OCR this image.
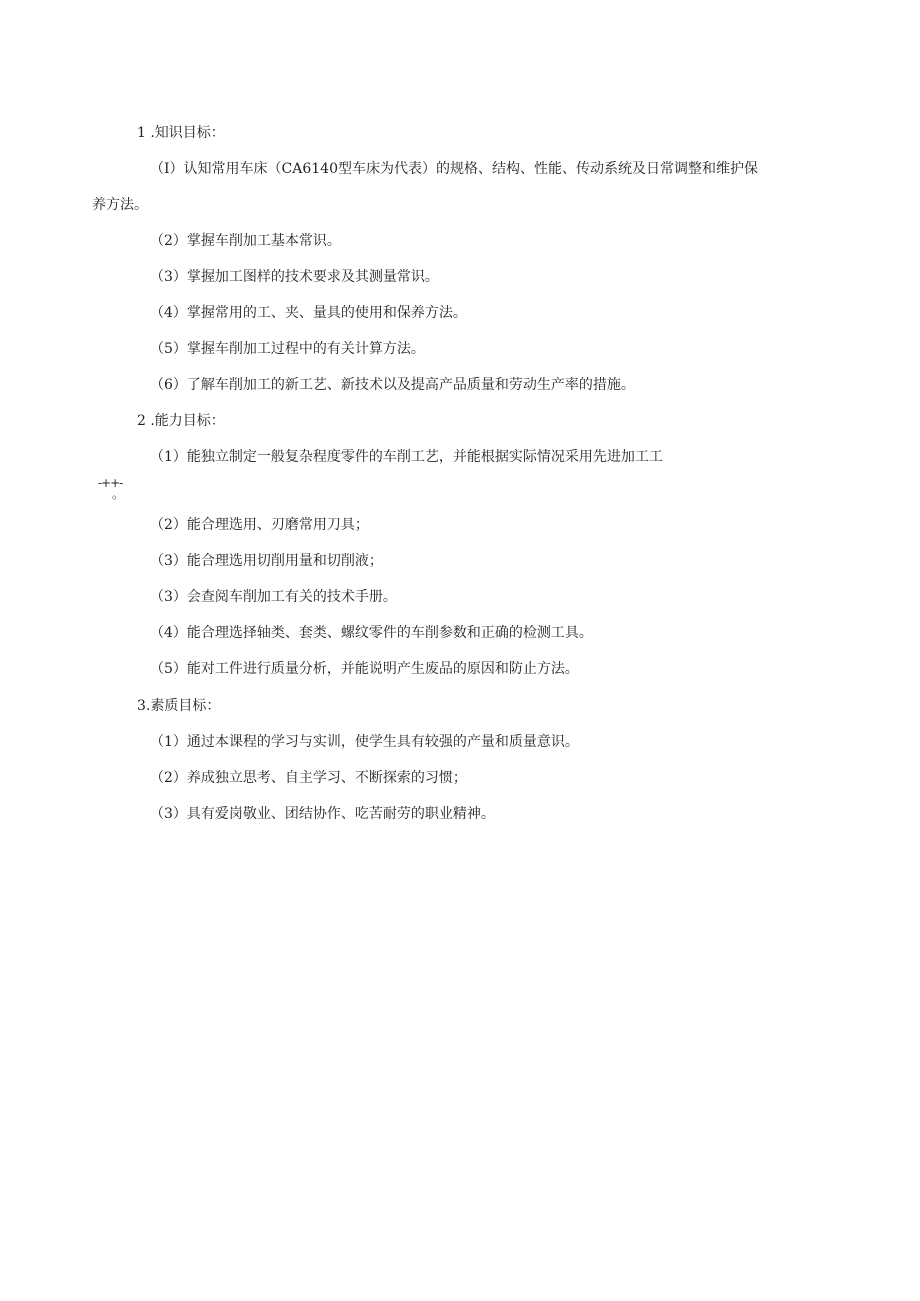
1 .知识目标：
（I）认知常用车床（CA6140型车床为代表）的规格、结构、性能、传动系统及日常调整和维护保
养方法。
（2）掌握车削加工基本常识。
（3）掌握加工图样的技术要求及其测量常识。
（4）掌握常用的工、夹、量具的使用和保养方法。
（5）掌握车削加工过程中的有关计算方法。
（6）了解车削加工的新工艺、新技术以及提高产品质量和劳动生产率的措施。
2 .能力目标：
（1）能独立制定一般复杂程度零件的车削工艺，并能根据实际情况采用先进加工工
-++-
。
（2）能合理选用、刃磨常用刀具；
（3）能合理选用切削用量和切削液；
（3）会查阅车削加工有关的技术手册。
（4）能合理选择轴类、套类、螺纹零件的车削参数和正确的检测工具。
（5）能对工件进行质量分析，并能说明产生废品的原因和防止方法。
3.素质目标：
（1）通过本课程的学习与实训，使学生具有较强的产量和质量意识。
（2）养成独立思考、自主学习、不断探索的习惯；
（3）具有爱岗敬业、团结协作、吃苦耐劳的职业精神。
